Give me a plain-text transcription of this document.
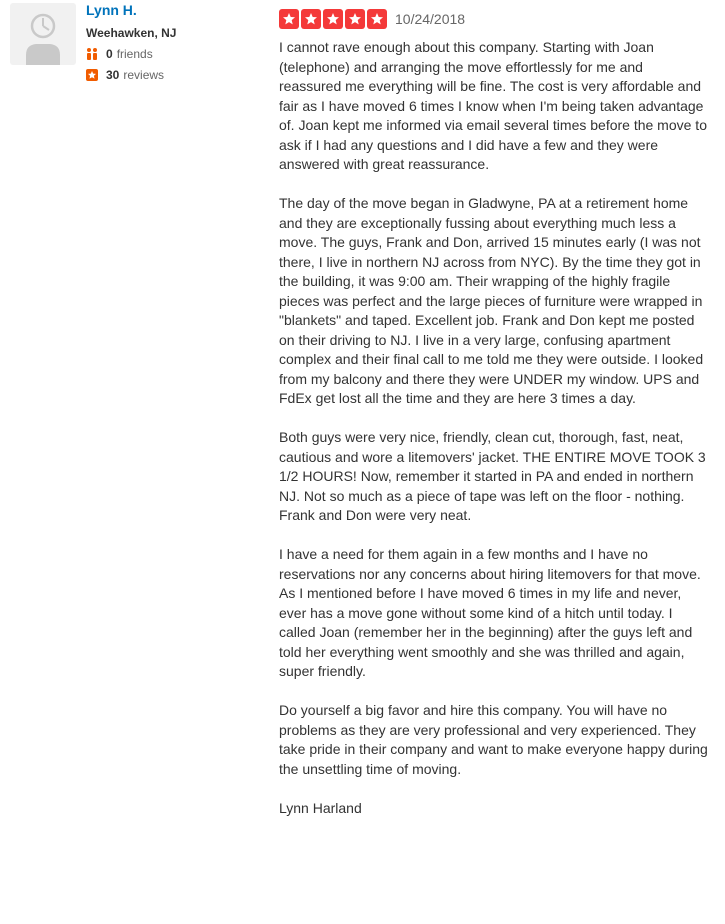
Lynn H.
Weehawken, NJ
0 friends
30 reviews
10/24/2018

I cannot rave enough about this company. Starting with Joan (telephone) and arranging the move effortlessly for me and reassured me everything will be fine. The cost is very affordable and fair as I have moved 6 times I know when I'm being taken advantage of. Joan kept me informed via email several times before the move to ask if I had any questions and I did have a few and they were answered with great reassurance.

The day of the move began in Gladwyne, PA at a retirement home and they are exceptionally fussing about everything much less a move. The guys, Frank and Don, arrived 15 minutes early (I was not there, I live in northern NJ across from NYC). By the time they got in the building, it was 9:00 am. Their wrapping of the highly fragile pieces was perfect and the large pieces of furniture were wrapped in "blankets" and taped. Excellent job. Frank and Don kept me posted on their driving to NJ. I live in a very large, confusing apartment complex and their final call to me told me they were outside. I looked from my balcony and there they were UNDER my window. UPS and FdEx get lost all the time and they are here 3 times a day.

Both guys were very nice, friendly, clean cut, thorough, fast, neat, cautious and wore a litemovers' jacket. THE ENTIRE MOVE TOOK 3 1/2 HOURS! Now, remember it started in PA and ended in northern NJ. Not so much as a piece of tape was left on the floor - nothing. Frank and Don were very neat.

I have a need for them again in a few months and I have no reservations nor any concerns about hiring litemovers for that move. As I mentioned before I have moved 6 times in my life and never, ever has a move gone without some kind of a hitch until today. I called Joan (remember her in the beginning) after the guys left and told her everything went smoothly and she was thrilled and again, super friendly.

Do yourself a big favor and hire this company. You will have no problems as they are very professional and very experienced. They take pride in their company and want to make everyone happy during the unsettling time of moving.

Lynn Harland
